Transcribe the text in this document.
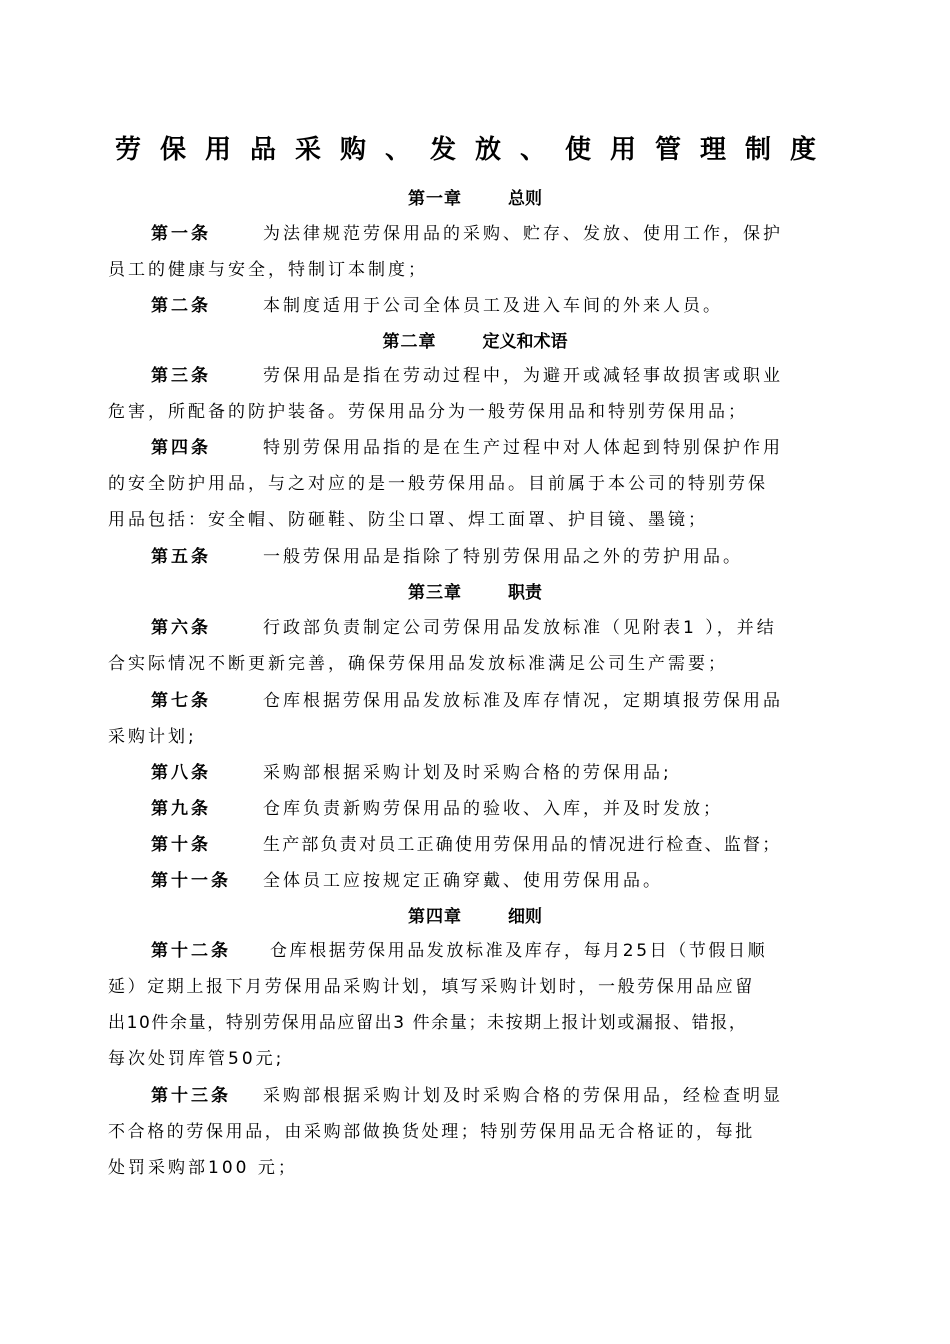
劳保用品采购、发放、使用管理制度
第一章	总则
第一条	为法律规范劳保用品的采购、贮存、发放、使用工作，保护
员工的健康与安全，特制订本制度；
第二条	本制度适用于公司全体员工及进入车间的外来人员。
第二章	定义和术语
第三条	劳保用品是指在劳动过程中，为避开或减轻事故损害或职业
危害，所配备的防护装备。劳保用品分为一般劳保用品和特别劳保用品；
第四条	特别劳保用品指的是在生产过程中对人体起到特别保护作用
的安全防护用品，与之对应的是一般劳保用品。目前属于本公司的特别劳保
用品包括：安全帽、防砸鞋、防尘口罩、焊工面罩、护目镜、墨镜；
第五条	一般劳保用品是指除了特别劳保用品之外的劳护用品。
第三章	职责
第六条	行政部负责制定公司劳保用品发放标准（见附表1 ），并结
合实际情况不断更新完善，确保劳保用品发放标准满足公司生产需要；
第七条	仓库根据劳保用品发放标准及库存情况，定期填报劳保用品
采购计划;
第八条	采购部根据采购计划及时采购合格的劳保用品;
第九条	仓库负责新购劳保用品的验收、入库，并及时发放；
第十条	生产部负责对员工正确使用劳保用品的情况进行检查、监督；
第十一条	全体员工应按规定正确穿戴、使用劳保用品。
第四章	细则
第十二条	仓库根据劳保用品发放标准及库存，每月25日（节假日顺
延）定期上报下月劳保用品采购计划，填写采购计划时，一般劳保用品应留
出10件余量，特别劳保用品应留出3 件余量；未按期上报计划或漏报、错报，
每次处罚库管50元;
第十三条	采购部根据采购计划及时采购合格的劳保用品，经检查明显
不合格的劳保用品，由采购部做换货处理；特别劳保用品无合格证的，每批
处罚采购部100 元；
